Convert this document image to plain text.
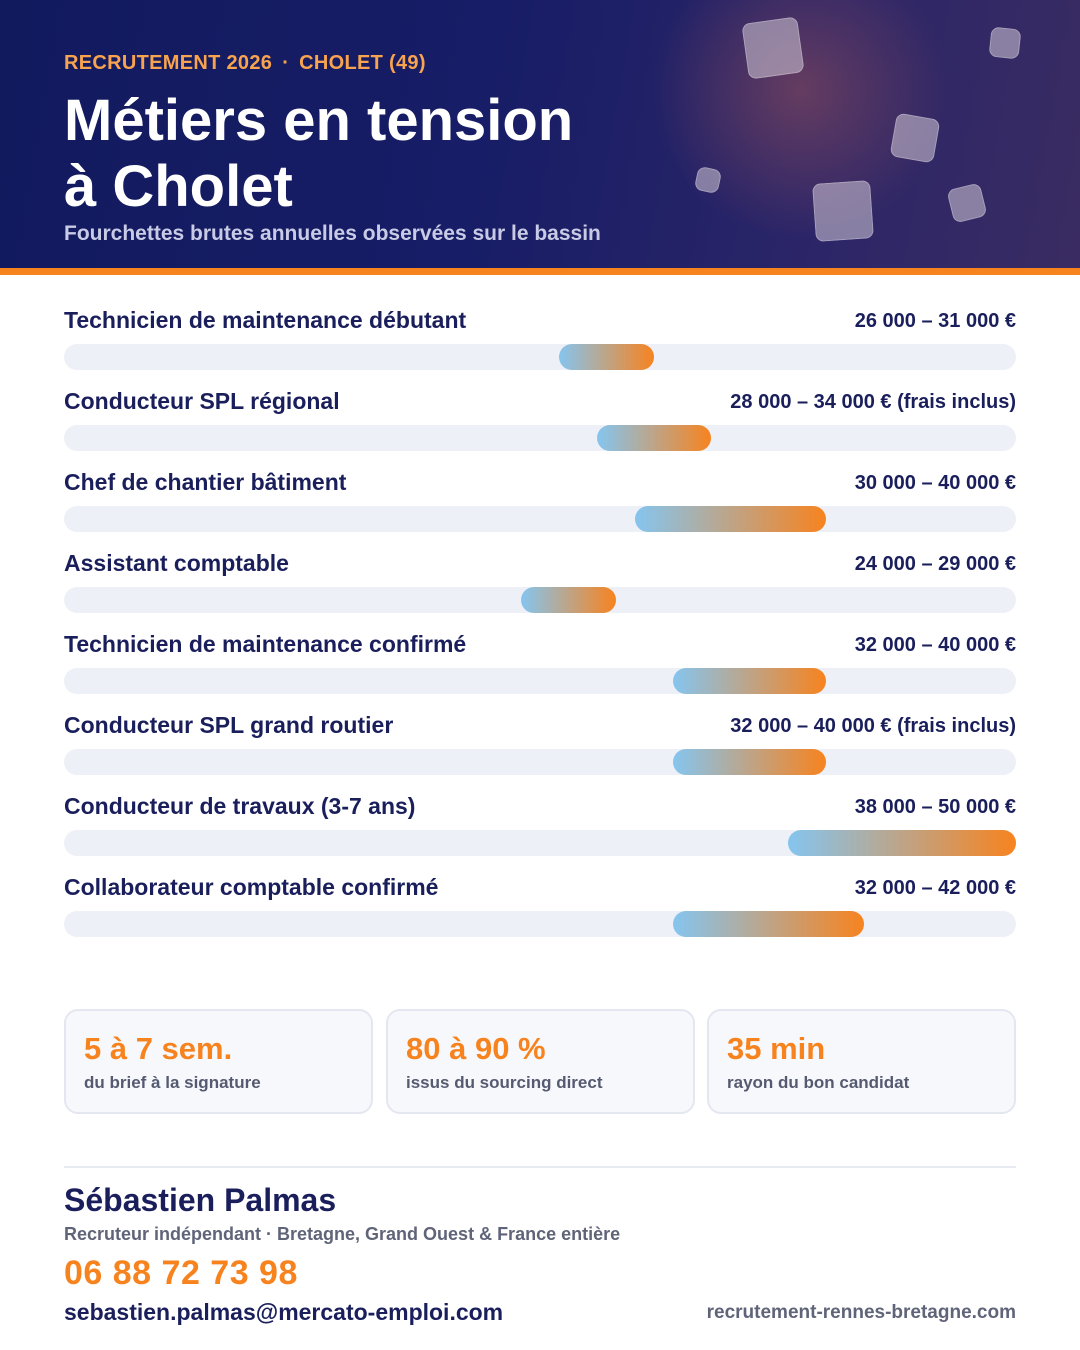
RECRUTEMENT 2026 · CHOLET (49)
Métiers en tension
à Cholet
Fourchettes brutes annuelles observées sur le bassin
Technicien de maintenance débutant	26 000 – 31 000 €
Conducteur SPL régional	28 000 – 34 000 € (frais inclus)
Chef de chantier bâtiment	30 000 – 40 000 €
Assistant comptable	24 000 – 29 000 €
Technicien de maintenance confirmé	32 000 – 40 000 €
Conducteur SPL grand routier	32 000 – 40 000 € (frais inclus)
Conducteur de travaux (3-7 ans)	38 000 – 50 000 €
Collaborateur comptable confirmé	32 000 – 42 000 €
5 à 7 sem.
du brief à la signature
80 à 90 %
issus du sourcing direct
35 min
rayon du bon candidat
Sébastien Palmas
Recruteur indépendant · Bretagne, Grand Ouest & France entière
06 88 72 73 98
sebastien.palmas@mercato-emploi.com	recrutement-rennes-bretagne.com
